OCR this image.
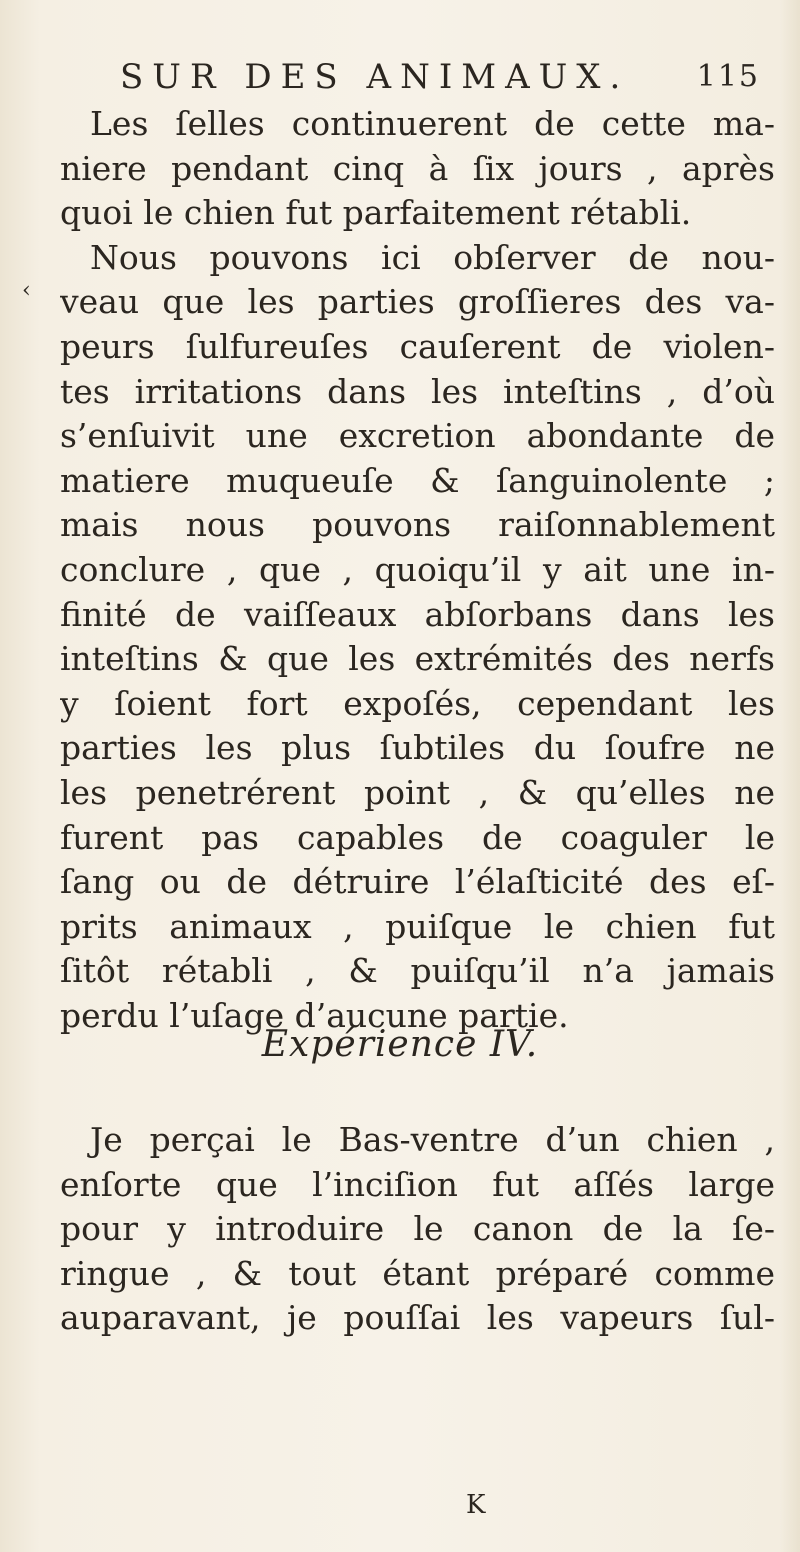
SUR DES ANIMAUX. 115
‹
Les ſelles continuerent de cette ma-
niere pendant cinq à ſix jours , après
quoi le chien fut parfaitement rétabli.
Nous pouvons ici obſerver de nou-
veau que les parties groſſieres des va-
peurs ſulfureuſes cauſerent de violen-
tes irritations dans les inteſtins , d’où
s’enſuivit une excretion abondante de
matiere muqueuſe & ſanguinolente ;
mais nous pouvons raiſonnablement
conclure , que , quoiqu’il y ait une in-
finité de vaiſſeaux abſorbans dans les
inteſtins & que les extrémités des nerfs
y ſoient fort expoſés, cependant les
parties les plus ſubtiles du ſoufre ne
les penetrérent point , & qu’elles ne
furent pas capables de coaguler le
ſang ou de détruire l’élaſticité des eſ-
prits animaux , puiſque le chien fut
ſitôt rétabli , & puiſqu’il n’a jamais
perdu l’uſage d’aucune partie.
Expérience IV.
Je perçai le Bas-ventre d’un chien ,
enſorte que l’inciſion fut aſſés large
pour y introduire le canon de la ſe-
ringue , & tout étant préparé comme
auparavant, je pouſſai les vapeurs ſul-
K
